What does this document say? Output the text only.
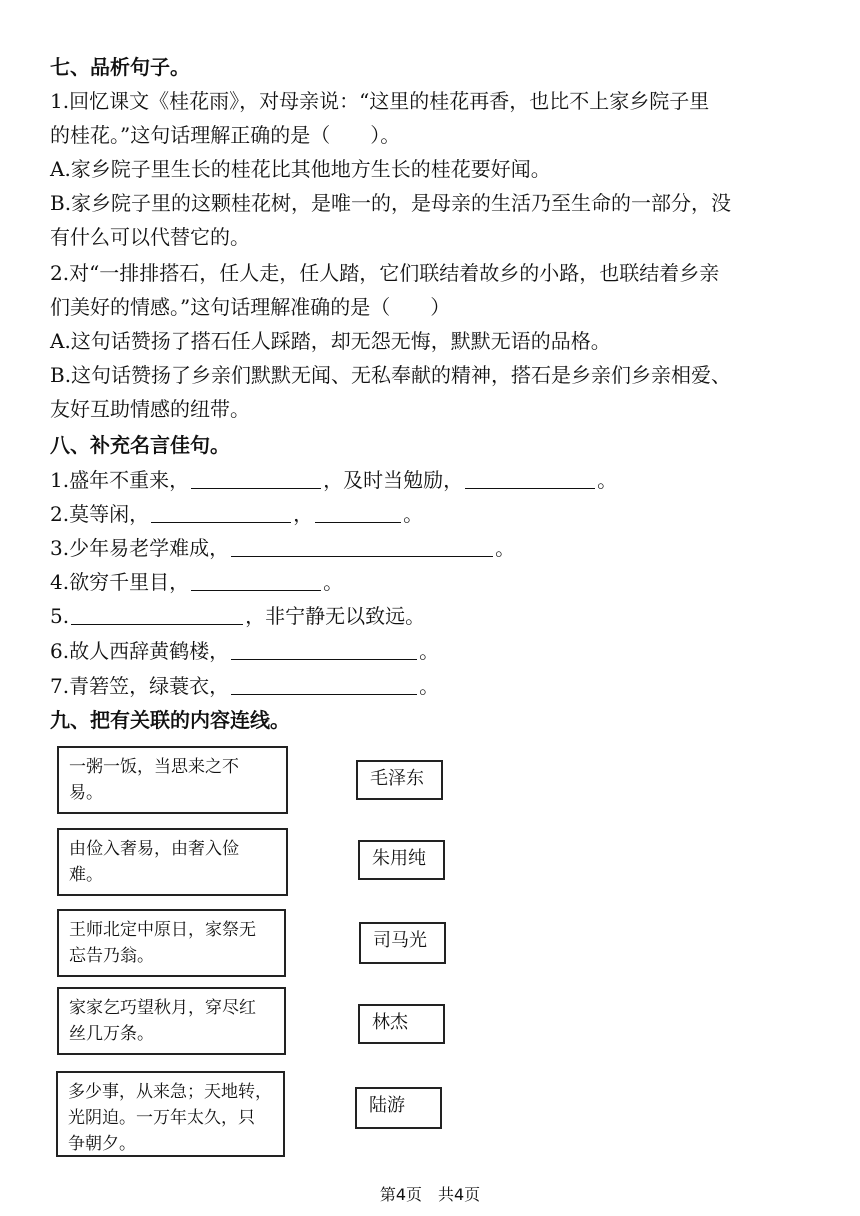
七、品析句子。
1.回忆课文《桂花雨》，对母亲说：“这里的桂花再香，也比不上家乡院子里
的桂花。”这句话理解正确的是（　　）。
A.家乡院子里生长的桂花比其他地方生长的桂花要好闻。
B.家乡院子里的这颗桂花树，是唯一的，是母亲的生活乃至生命的一部分，没
有什么可以代替它的。
2.对“一排排搭石，任人走，任人踏，它们联结着故乡的小路，也联结着乡亲
们美好的情感。”这句话理解准确的是（　　）
A.这句话赞扬了搭石任人踩踏，却无怨无悔，默默无语的品格。
B.这句话赞扬了乡亲们默默无闻、无私奉献的精神，搭石是乡亲们乡亲相爱、
友好互助情感的纽带。
八、补充名言佳句。
1.盛年不重来，	，及时当勉励，	。
2.莫等闲，	，	。
3.少年易老学难成，	。
4.欲穷千里目，	。
5.	，非宁静无以致远。
6.故人西辞黄鹤楼，	。
7.青箬笠，绿蓑衣，	。
九、把有关联的内容连线。
一粥一饭，当思来之不
易。
由俭入奢易，由奢入俭
难。
王师北定中原日，家祭无
忘告乃翁。
家家乞巧望秋月，穿尽红
丝几万条。
多少事，从来急；天地转，
光阴迫。一万年太久，只
争朝夕。
毛泽东
朱用纯
司马光
林杰
陆游
第4页　共4页
